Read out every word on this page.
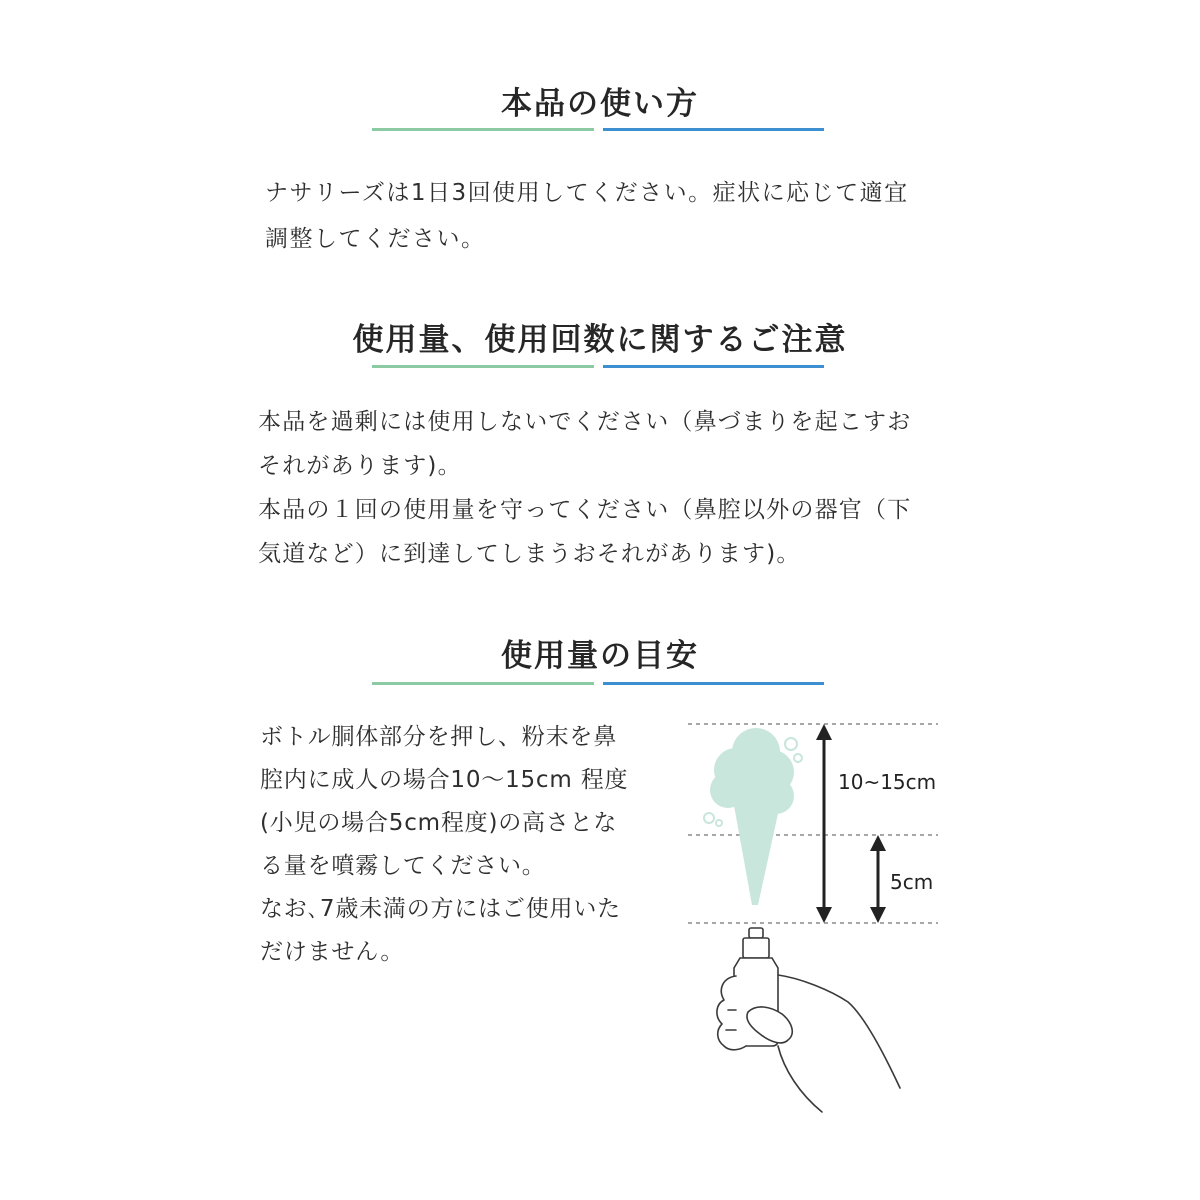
本品の使い方

ナサリーズは1日3回使用してください。症状に応じて適宜
調整してください。

使用量、使用回数に関するご注意

本品を過剰には使用しないでください（鼻づまりを起こすお
それがあります)。
本品の１回の使用量を守ってください（鼻腔以外の器官（下
気道など）に到達してしまうおそれがあります)。

使用量の目安

ボトル胴体部分を押し、粉末を鼻
腔内に成人の場合10～15cm 程度
(小児の場合5cm程度)の高さとな
る量を噴霧してください。
なお､7歳未満の方にはご使用いた
だけません。

10~15cm
5cm
